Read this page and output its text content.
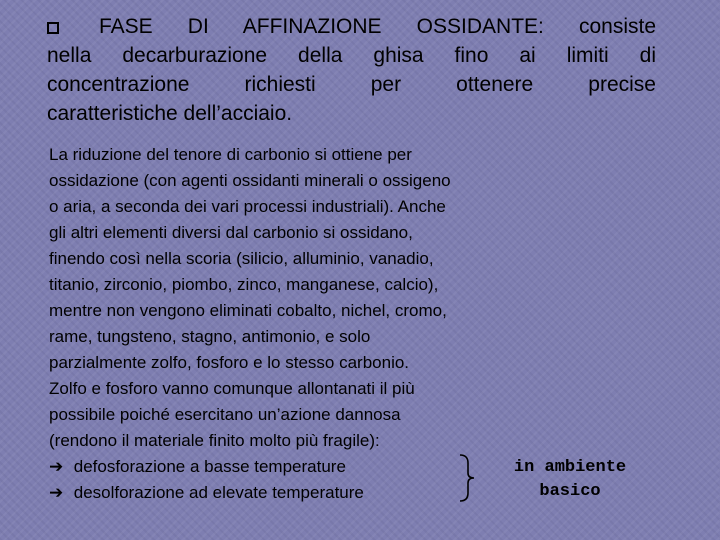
FASE DI AFFINAZIONE OSSIDANTE: consiste
nella decarburazione della ghisa fino ai limiti di
concentrazione richiesti per ottenere precise
caratteristiche dell’acciaio.
La riduzione del tenore di carbonio si ottiene per
ossidazione (con agenti ossidanti minerali o ossigeno
o aria, a seconda dei vari processi industriali). Anche
gli altri elementi diversi dal carbonio si ossidano,
finendo così nella scoria (silicio, alluminio, vanadio,
titanio, zirconio, piombo, zinco, manganese, calcio),
mentre non vengono eliminati cobalto, nichel, cromo,
rame, tungsteno, stagno, antimonio, e solo
parzialmente zolfo, fosforo e lo stesso carbonio.
Zolfo e fosforo vanno comunque allontanati il più
possibile poiché esercitano un’azione dannosa
(rendono il materiale finito molto più fragile):
➔ defosforazione a basse temperature
➔ desolforazione ad elevate temperature
in ambiente
basico
